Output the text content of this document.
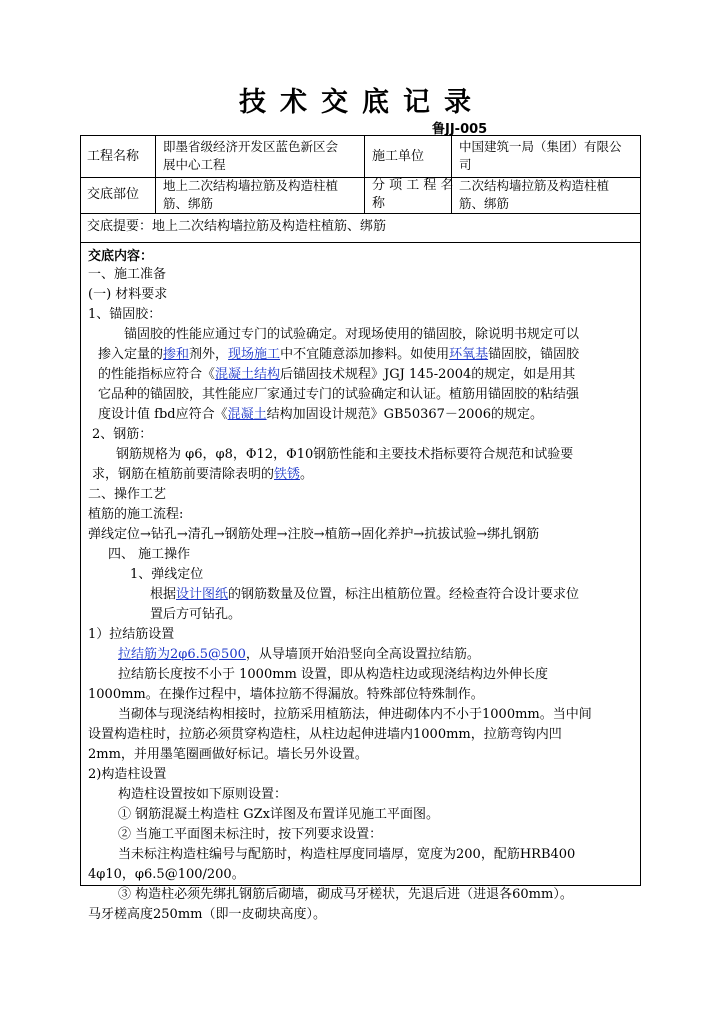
技术交底记录
鲁JJ-005
工程名称
即墨省级经济开发区蓝色新区会
展中心工程
施工单位
中国建筑一局（集团）有限公
司
交底部位
地上二次结构墙拉筋及构造柱植
筋、绑筋
分 项 工 程 名
称
二次结构墙拉筋及构造柱植
筋、绑筋
交底提要：地上二次结构墙拉筋及构造柱植筋、绑筋
交底内容：
一、施工准备
(一) 材料要求
1、锚固胶：
锚固胶的性能应通过专门的试验确定。对现场使用的锚固胶，除说明书规定可以
掺入定量的掺和剂外，现场施工中不宜随意添加掺料。如使用环氧基锚固胶，锚固胶
的性能指标应符合《混凝土结构后锚固技术规程》JGJ 145-2004的规定，如是用其
它品种的锚固胶，其性能应厂家通过专门的试验确定和认证。植筋用锚固胶的粘结强
度设计值 fbd应符合《混凝土结构加固设计规范》GB50367－2006的规定。
2、钢筋：
钢筋规格为 φ6，φ8，Φ12，Φ10钢筋性能和主要技术指标要符合规范和试验要
求，钢筋在植筋前要清除表明的铁锈。
二、操作工艺
植筋的施工流程:
弹线定位→钻孔→清孔→钢筋处理→注胶→植筋→固化养护→抗拔试验→绑扎钢筋
四、 施工操作
1、弹线定位
根据设计图纸的钢筋数量及位置，标注出植筋位置。经检查符合设计要求位
置后方可钻孔。
1）拉结筋设置
拉结筋为2φ6.5@500，从导墙顶开始沿竖向全高设置拉结筋。
拉结筋长度按不小于 1000mm 设置，即从构造柱边或现浇结构边外伸长度
1000mm。在操作过程中，墙体拉筋不得漏放。特殊部位特殊制作。
当砌体与现浇结构相接时，拉筋采用植筋法，伸进砌体内不小于1000mm。当中间
设置构造柱时，拉筋必须贯穿构造柱，从柱边起伸进墙内1000mm，拉筋弯钩内凹
2mm，并用墨笔圈画做好标记。墙长另外设置。
2)构造柱设置
构造柱设置按如下原则设置：
① 钢筋混凝土构造柱 GZx详图及布置详见施工平面图。
② 当施工平面图未标注时，按下列要求设置：
当未标注构造柱编号与配筋时，构造柱厚度同墙厚，宽度为200，配筋HRB400
4φ10，φ6.5@100/200。
③ 构造柱必须先绑扎钢筋后砌墙，砌成马牙槎状，先退后进（进退各60mm）。
马牙槎高度250mm（即一皮砌块高度）。
